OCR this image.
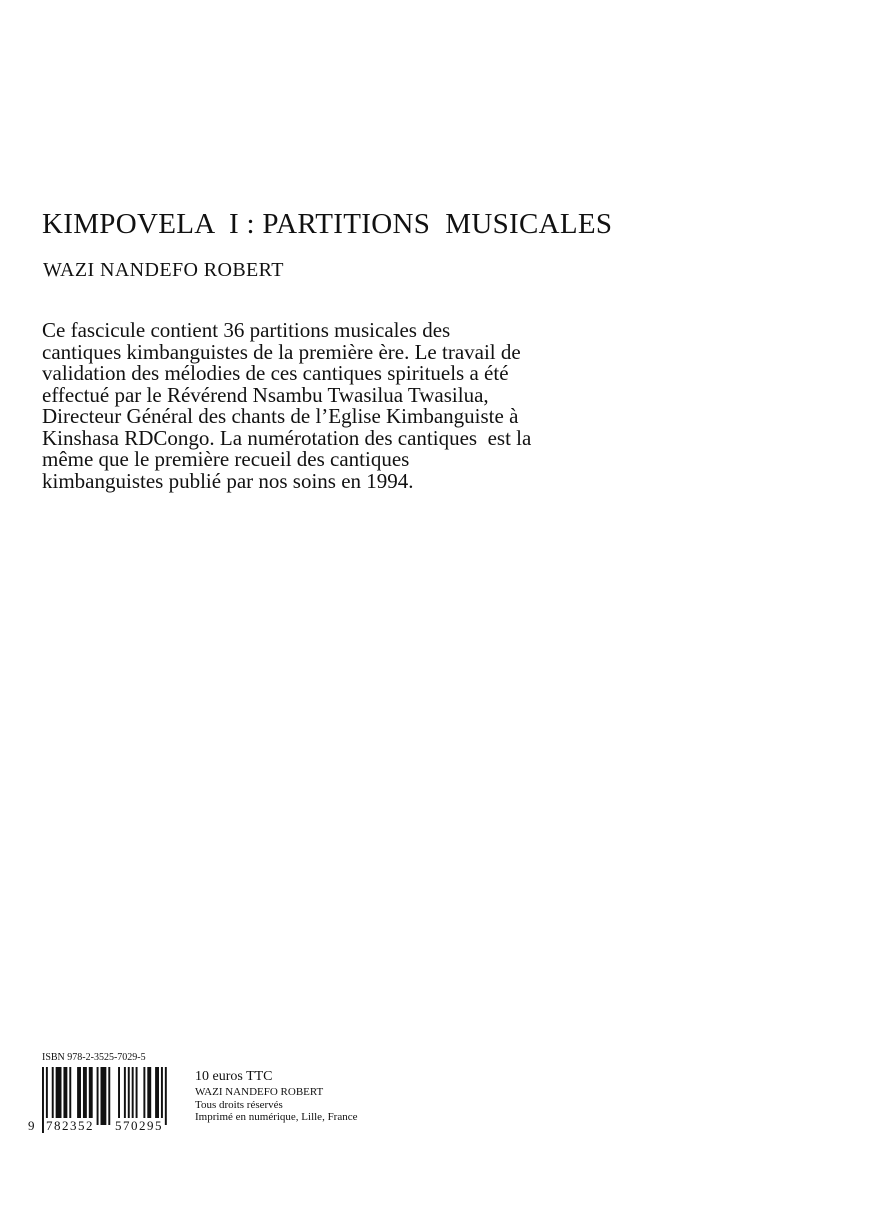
KIMPOVELA  I : PARTITIONS  MUSICALES
WAZI NANDEFO ROBERT

Ce fascicule contient 36 partitions musicales des
cantiques kimbanguistes de la première ère. Le travail de
validation des mélodies de ces cantiques spirituels a été
effectué par le Révérend Nsambu Twasilua Twasilua,
Directeur Général des chants de l’Eglise Kimbanguiste à
Kinshasa RDCongo. La numérotation des cantiques  est la
même que le première recueil des cantiques
kimbanguistes publié par nos soins en 1994.

ISBN 978-2-3525-7029-5

9

782352

570295

10 euros TTC
WAZI NANDEFO ROBERT
Tous droits réservés
Imprimé en numérique, Lille, France
